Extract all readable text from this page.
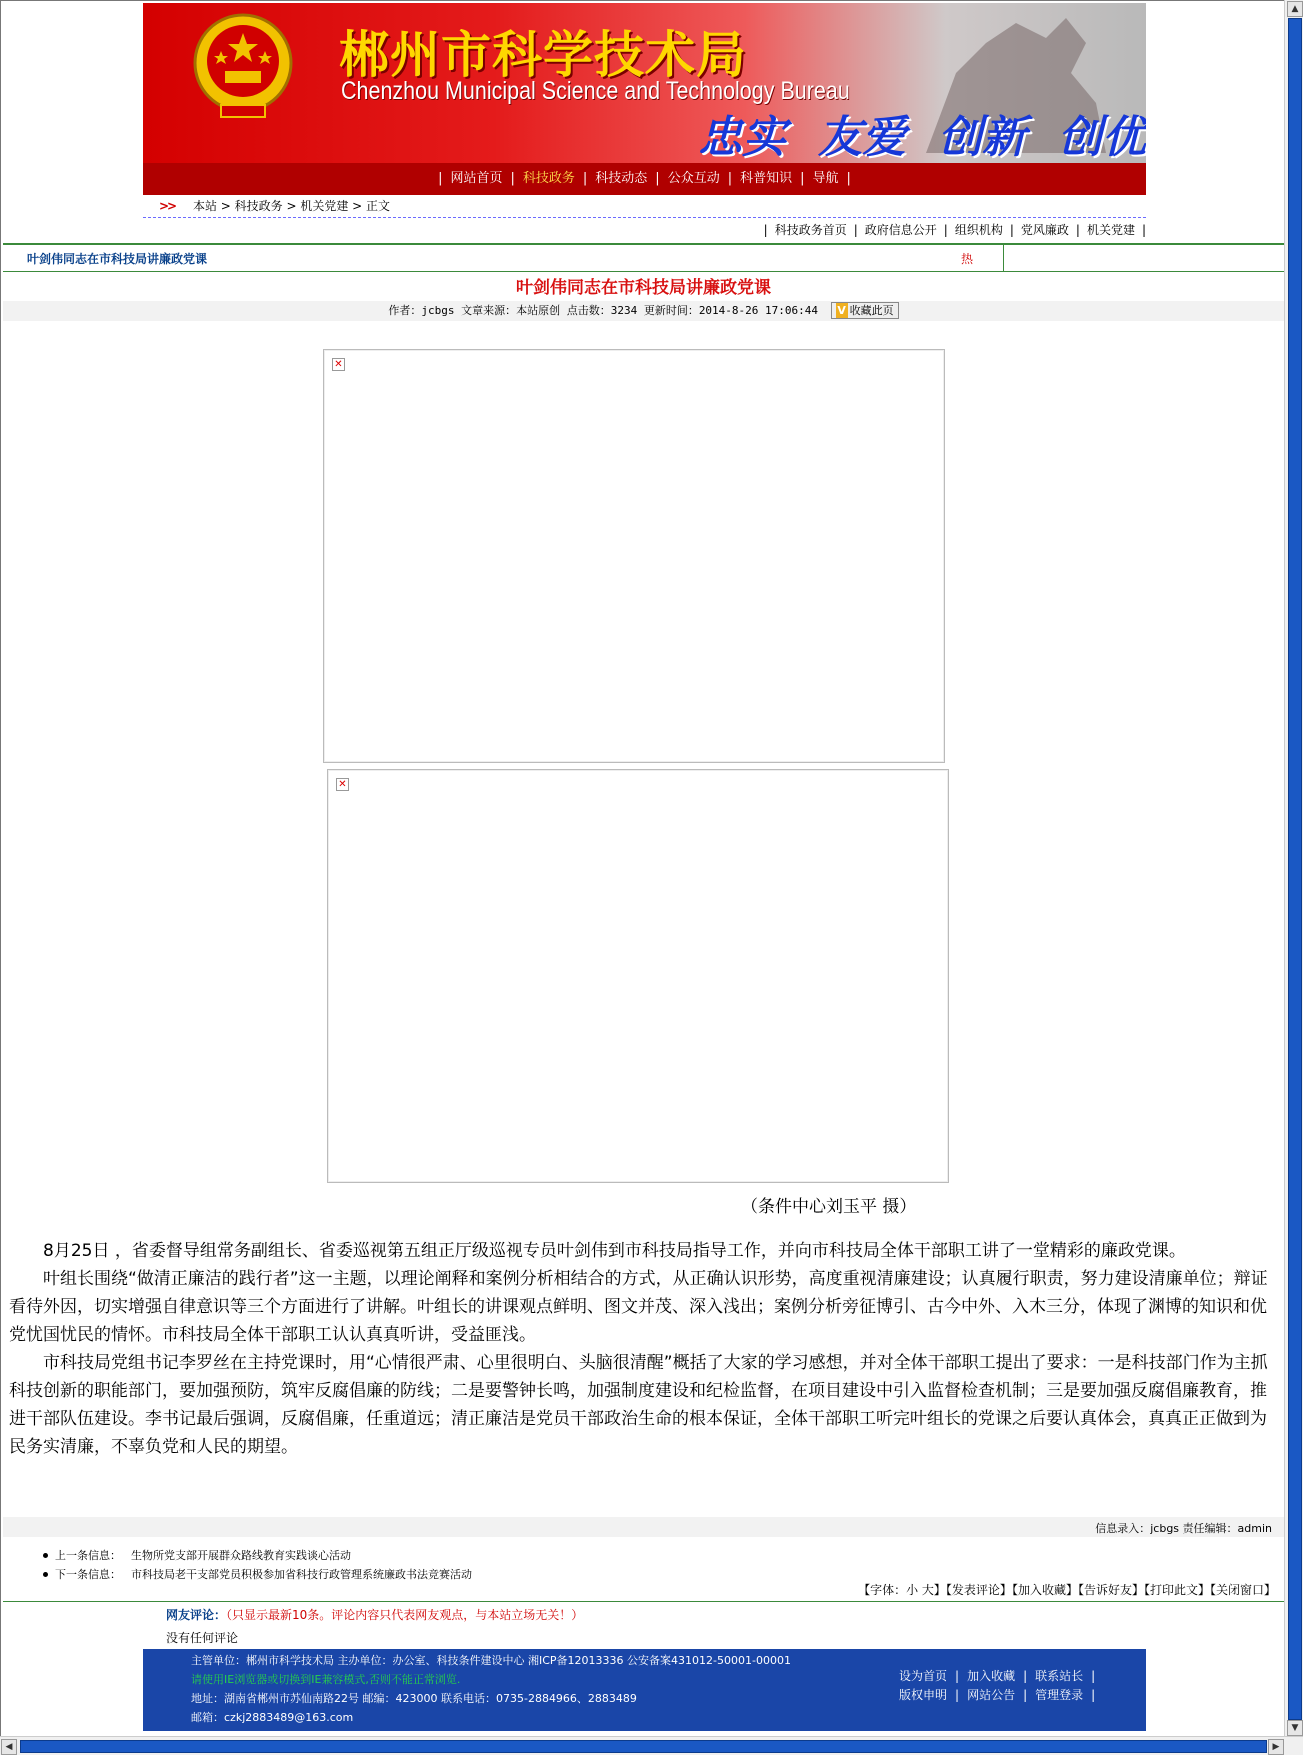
郴州市科学技术局
Chenzhou Municipal Science and Technology Bureau
忠实 友爱 创新 创优
| 网站首页 | 科技政务 | 科技动态 | 公众互动 | 科普知识 | 导航 |
>> 本站 > 科技政务 > 机关党建 > 正文
| 科技政务首页 | 政府信息公开 | 组织机构 | 党风廉政 | 机关党建 |
叶剑伟同志在市科技局讲廉政党课	热
叶剑伟同志在市科技局讲廉政党课
作者：jcbgs 文章来源：本站原创 点击数：3234 更新时间：2014-8-26 17:06:44 V 收藏此页
✕
✕
（条件中心刘玉平 摄）

8月25日 ，省委督导组常务副组长、省委巡视第五组正厅级巡视专员叶剑伟到市科技局指导工作，并向市科技局全体干部职工讲了一堂精彩的廉政党课。

叶组长围绕“做清正廉洁的践行者”这一主题，以理论阐释和案例分析相结合的方式，从正确认识形势，高度重视清廉建设；认真履行职责，努力建设清廉单位；辩证看待外因，切实增强自律意识等三个方面进行了讲解。叶组长的讲课观点鲜明、图文并茂、深入浅出；案例分析旁征博引、古今中外、入木三分，体现了渊博的知识和优党忧国忧民的情怀。市科技局全体干部职工认认真真听讲，受益匪浅。

市科技局党组书记李罗丝在主持党课时，用“心情很严肃、心里很明白、头脑很清醒”概括了大家的学习感想，并对全体干部职工提出了要求：一是科技部门作为主抓科技创新的职能部门，要加强预防，筑牢反腐倡廉的防线；二是要警钟长鸣，加强制度建设和纪检监督，在项目建设中引入监督检查机制；三是要加强反腐倡廉教育，推进干部队伍建设。李书记最后强调，反腐倡廉，任重道远；清正廉洁是党员干部政治生命的根本保证，全体干部职工听完叶组长的党课之后要认真体会，真真正正做到为民务实清廉，不辜负党和人民的期望。

信息录入：jcbgs 责任编辑：admin
上一条信息： 生物所党支部开展群众路线教育实践谈心活动
下一条信息： 市科技局老干支部党员积极参加省科技行政管理系统廉政书法竞赛活动
【字体：小 大】【发表评论】【加入收藏】【告诉好友】【打印此文】【关闭窗口】
网友评论：（只显示最新10条。评论内容只代表网友观点，与本站立场无关！）
没有任何评论
主管单位：郴州市科学技术局 主办单位：办公室、科技条件建设中心 湘ICP备12013336 公安备案431012-50001-00001
请使用IE浏览器或切换到IE兼容模式,否则不能正常浏览.
地址：湖南省郴州市苏仙南路22号 邮编：423000 联系电话：0735-2884966、2883489
邮箱：czkj2883489@163.com
设为首页 | 加入收藏 | 联系站长 |
版权申明 | 网站公告 | 管理登录 |
▲
▼
◀	▶
